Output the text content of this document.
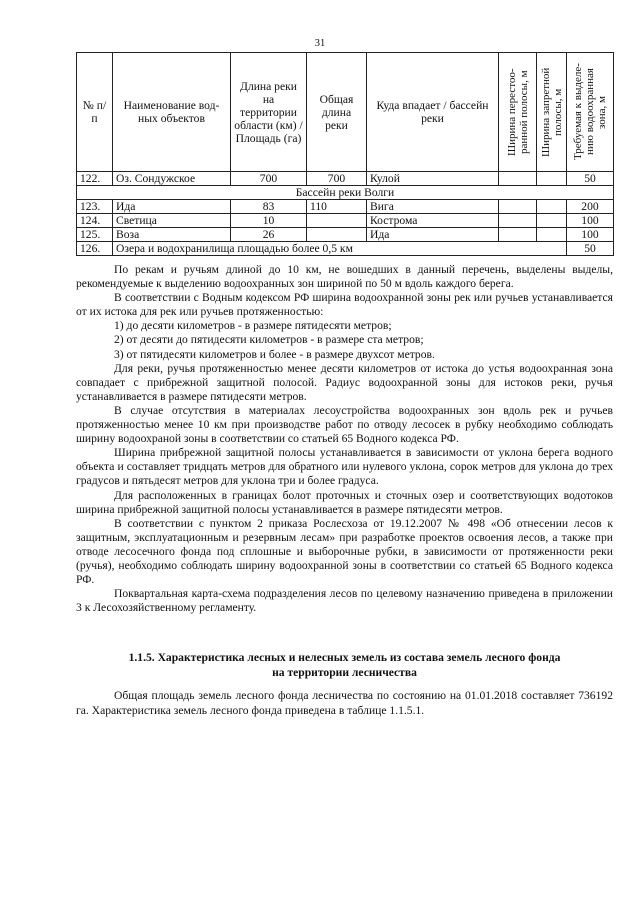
31
№ п/п	Наименование вод-ных объектов	Длина реки на территории области (км) / Площадь (га)	Общая длина реки	Куда впадает / бассейн реки	Ширина перестоо-ранной полосы, м	Ширина запретной полосы, м	Требуемая к выделе-нию водоохранная зона, м

122.	Оз. Сондужское	700	700	Кулой			50
Бассейн реки Волги							
123.	Ида	83	110	Вига			200
124.	Светица	10		Кострома			100
125.	Воза	26		Ида			100
126.	Озера и водохранилища площадью более 0,5 км						50

По рекам и ручьям длиной до 10 км, не вошедших в данный перечень, выделены выделы, рекомендуемые к выделению водоохранных зон шириной по 50 м вдоль каждого берега.

В соответствии с Водным кодексом РФ ширина водоохранной зоны рек или ручьев устанавливается от их истока для рек или ручьев протяженностью:

1) до десяти километров - в размере пятидесяти метров;

2) от десяти до пятидесяти километров - в размере ста метров;

3) от пятидесяти километров и более - в размере двухсот метров.

Для реки, ручья протяженностью менее десяти километров от истока до устья водоохранная зона совпадает с прибрежной защитной полосой. Радиус водоохранной зоны для истоков реки, ручья устанавливается в размере пятидесяти метров.

В случае отсутствия в материалах лесоустройства водоохранных зон вдоль рек и ручьев протяженностью менее 10 км при производстве работ по отводу лесосек в рубку необходимо соблюдать ширину водоохраной зоны в соответствии со статьей 65 Водного кодекса РФ.

Ширина прибрежной защитной полосы устанавливается в зависимости от уклона берега водного объекта и составляет тридцать метров для обратного или нулевого уклона, сорок метров для уклона до трех градусов и пятьдесят метров для уклона три и более градуса.

Для расположенных в границах болот проточных и сточных озер и соответствующих водотоков ширина прибрежной защитной полосы устанавливается в размере пятидесяти метров.

В соответствии с пунктом 2 приказа Рослесхоза от 19.12.2007 № 498 «Об отнесении лесов к защитным, эксплуатационным и резервным лесам» при разработке проектов освоения лесов, а также при отводе лесосечного фонда под сплошные и выборочные рубки, в зависимости от протяженности реки (ручья), необходимо соблюдать ширину водоохранной зоны в соответствии со статьей 65 Водного кодекса РФ.

Поквартальная карта-схема подразделения лесов по целевому назначению приведена в приложении 3 к Лесохозяйственному регламенту.

1.1.5. Характеристика лесных и нелесных земель из состава земель лесного фонда
на территории лесничества

Общая площадь земель лесного фонда лесничества по состоянию на 01.01.2018 составляет 736192 га. Характеристика земель лесного фонда приведена в таблице 1.1.5.1.
